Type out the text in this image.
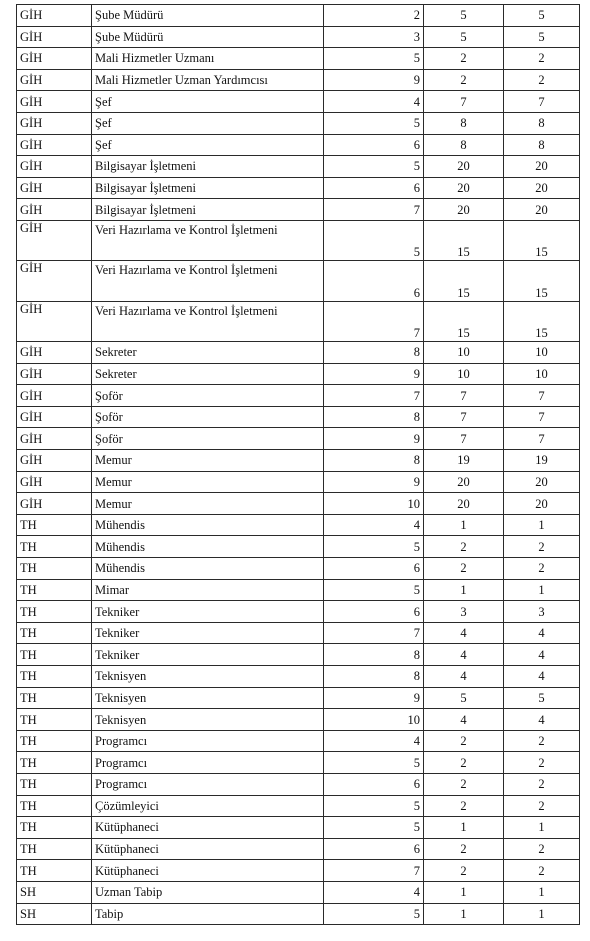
GİH	Şube Müdürü	2	5	5
GİH	Şube Müdürü	3	5	5
GİH	Mali Hizmetler Uzmanı	5	2	2
GİH	Mali Hizmetler Uzman Yardımcısı	9	2	2
GİH	Şef	4	7	7
GİH	Şef	5	8	8
GİH	Şef	6	8	8
GİH	Bilgisayar İşletmeni	5	20	20
GİH	Bilgisayar İşletmeni	6	20	20
GİH	Bilgisayar İşletmeni	7	20	20
GİH	Veri Hazırlama ve Kontrol İşletmeni	5	15	15
GİH	Veri Hazırlama ve Kontrol İşletmeni	6	15	15
GİH	Veri Hazırlama ve Kontrol İşletmeni	7	15	15
GİH	Sekreter	8	10	10
GİH	Sekreter	9	10	10
GİH	Şoför	7	7	7
GİH	Şoför	8	7	7
GİH	Şoför	9	7	7
GİH	Memur	8	19	19
GİH	Memur	9	20	20
GİH	Memur	10	20	20
TH	Mühendis	4	1	1
TH	Mühendis	5	2	2
TH	Mühendis	6	2	2
TH	Mimar	5	1	1
TH	Tekniker	6	3	3
TH	Tekniker	7	4	4
TH	Tekniker	8	4	4
TH	Teknisyen	8	4	4
TH	Teknisyen	9	5	5
TH	Teknisyen	10	4	4
TH	Programcı	4	2	2
TH	Programcı	5	2	2
TH	Programcı	6	2	2
TH	Çözümleyici	5	2	2
TH	Kütüphaneci	5	1	1
TH	Kütüphaneci	6	2	2
TH	Kütüphaneci	7	2	2
SH	Uzman Tabip	4	1	1
SH	Tabip	5	1	1
